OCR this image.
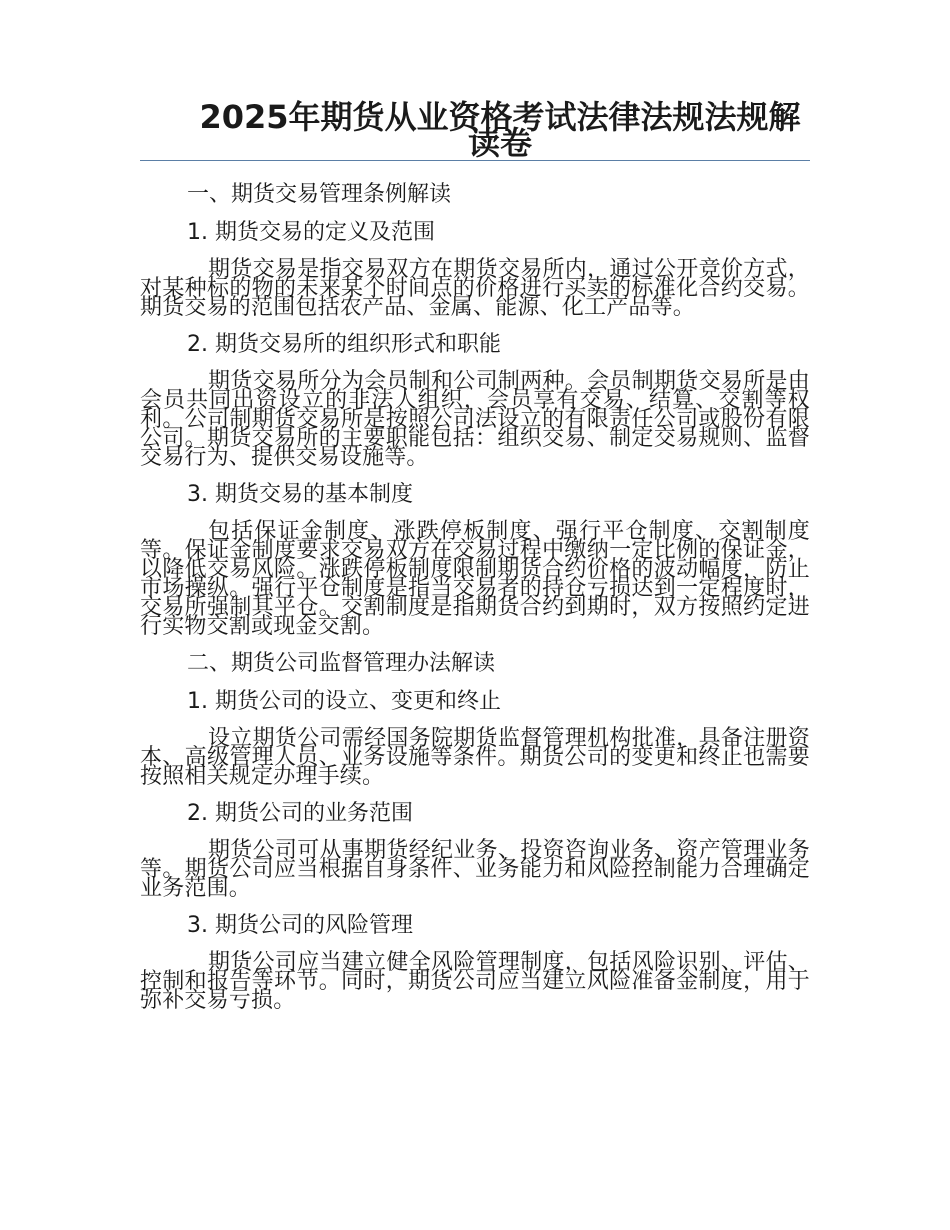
2025年期货从业资格考试法律法规法规解读卷
一、期货交易管理条例解读
1. 期货交易的定义及范围

期货交易是指交易双方在期货交易所内，通过公开竞价方式，对某种标的物的未来某个时间点的价格进行买卖的标准化合约交易。期货交易的范围包括农产品、金属、能源、化工产品等。

2. 期货交易所的组织形式和职能

期货交易所分为会员制和公司制两种。会员制期货交易所是由会员共同出资设立的非法人组织，会员享有交易、结算、交割等权利。公司制期货交易所是按照公司法设立的有限责任公司或股份有限公司。期货交易所的主要职能包括：组织交易、制定交易规则、监督交易行为、提供交易设施等。

3. 期货交易的基本制度

包括保证金制度、涨跌停板制度、强行平仓制度、交割制度等。保证金制度要求交易双方在交易过程中缴纳一定比例的保证金，以降低交易风险。涨跌停板制度限制期货合约价格的波动幅度，防止市场操纵。强行平仓制度是指当交易者的持仓亏损达到一定程度时，交易所强制其平仓。交割制度是指期货合约到期时，双方按照约定进行实物交割或现金交割。

二、期货公司监督管理办法解读
1. 期货公司的设立、变更和终止

设立期货公司需经国务院期货监督管理机构批准，具备注册资本、高级管理人员、业务设施等条件。期货公司的变更和终止也需要按照相关规定办理手续。

2. 期货公司的业务范围

期货公司可从事期货经纪业务、投资咨询业务、资产管理业务等。期货公司应当根据自身条件、业务能力和风险控制能力合理确定业务范围。

3. 期货公司的风险管理

期货公司应当建立健全风险管理制度，包括风险识别、评估、控制和报告等环节。同时，期货公司应当建立风险准备金制度，用于弥补交易亏损。
